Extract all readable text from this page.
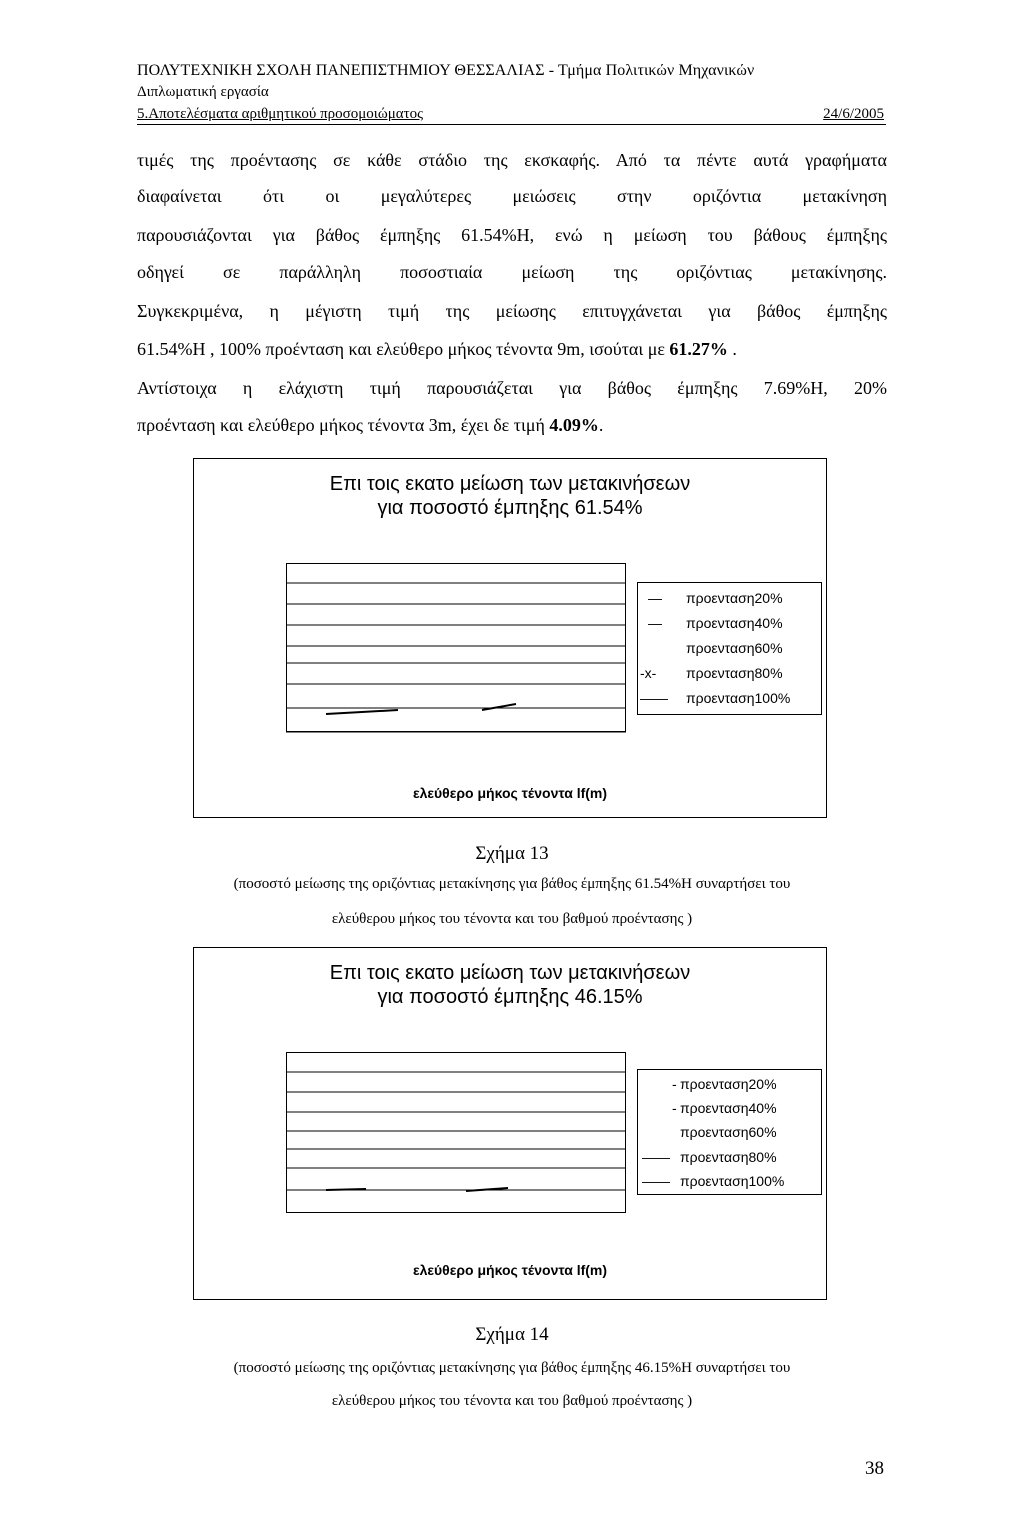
ΠΟΛΥΤΕΧΝΙΚΗ ΣΧΟΛΗ ΠΑΝΕΠΙΣΤΗΜΙΟΥ ΘΕΣΣΑΛΙΑΣ - Τμήμα Πολιτικών Μηχανικών
Διπλωματική εργασία
5.Αποτελέσματα αριθμητικού προσομοιώματος	24/6/2005
τιμές της προέντασης σε κάθε στάδιο της εκσκαφής. Από τα πέντε αυτά γραφήματα
διαφαίνεται ότι οι μεγαλύτερες μειώσεις στην οριζόντια μετακίνηση
παρουσιάζονται για βάθος έμπηξης 61.54%Η, ενώ η μείωση του βάθους έμπηξης
οδηγεί σε παράλληλη ποσοστιαία μείωση της οριζόντιας μετακίνησης.
Συγκεκριμένα, η μέγιστη τιμή της μείωσης επιτυγχάνεται για βάθος έμπηξης
61.54%Η , 100% προένταση και ελεύθερο μήκος τένοντα 9m, ισούται με 61.27% .
Αντίστοιχα η ελάχιστη τιμή παρουσιάζεται για βάθος έμπηξης 7.69%Η, 20%
προένταση και ελεύθερο μήκος τένοντα 3m, έχει δε τιμή 4.09%.
Επι τοις εκατο μείωση των μετακινήσεων
για ποσοστό έμπηξης 61.54%
— προενταση20%
— προενταση40%
προενταση60%
-x- προενταση80%
—— προενταση100%
ελεύθερο μήκος τένοντα lf(m)
Σχήμα 13
(ποσοστό μείωσης της οριζόντιας μετακίνησης για βάθος έμπηξης 61.54%Η συναρτήσει του
ελεύθερου μήκος του τένοντα και του βαθμού προέντασης )
Επι τοις εκατο μείωση των μετακινήσεων
για ποσοστό έμπηξης 46.15%
- προενταση20%
- προενταση40%
προενταση60%
—— προενταση80%
—— προενταση100%
ελεύθερο μήκος τένοντα lf(m)
Σχήμα 14
(ποσοστό μείωσης της οριζόντιας μετακίνησης για βάθος έμπηξης 46.15%Η συναρτήσει του
ελεύθερου μήκος του τένοντα και του βαθμού προέντασης )
38
